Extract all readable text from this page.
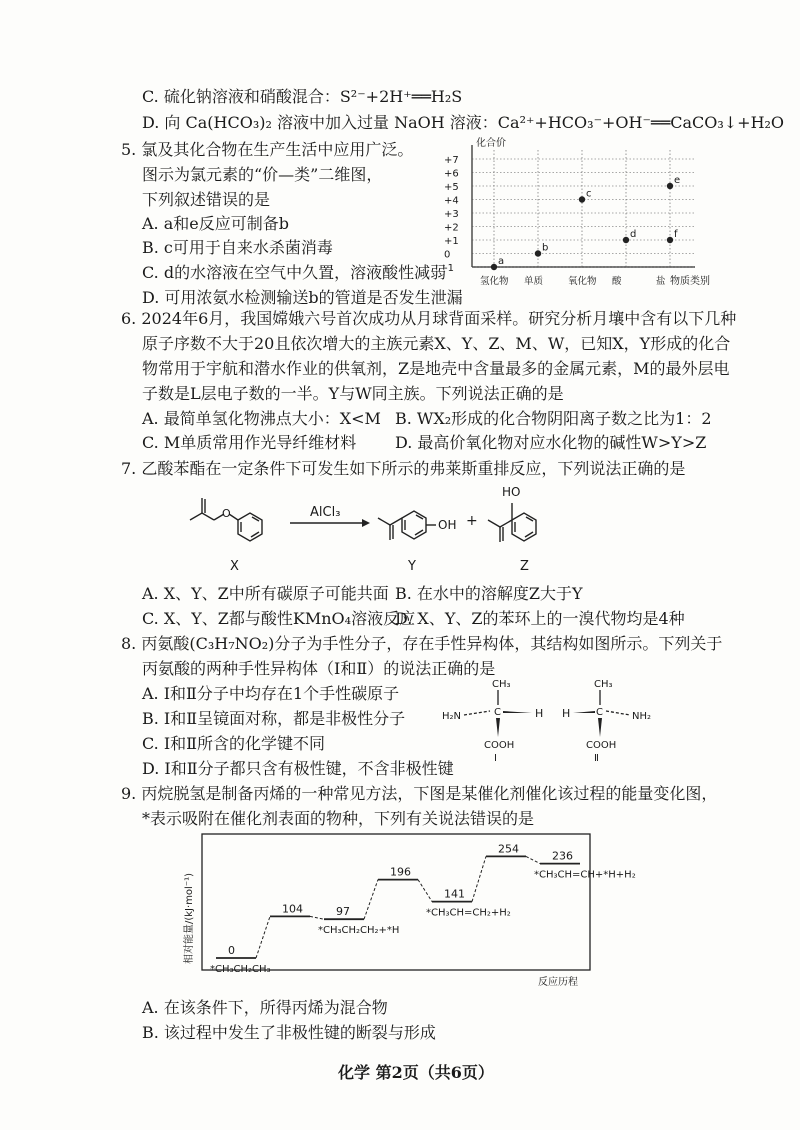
C. 硫化钠溶液和硝酸混合：S²⁻+2H⁺══H₂S
D. 向 Ca(HCO₃)₂ 溶液中加入过量 NaOH 溶液：Ca²⁺+HCO₃⁻+OH⁻══CaCO₃↓+H₂O
5. 氯及其化合物在生产生活中应用广泛。
图示为氯元素的“价—类”二维图，
下列叙述错误的是
A. a和e反应可制备b
B. c可用于自来水杀菌消毒
C. d的水溶液在空气中久置，溶液酸性减弱
D. 可用浓氨水检测输送b的管道是否发生泄漏
化合价
物质类别
+7
+6
+5
+4
+3
+2
+1
0
-1
氢化物 单质	氧化物 酸	盐
a
b
c
d
e
f
6. 2024年6月，我国嫦娥六号首次成功从月球背面采样。研究分析月壤中含有以下几种
原子序数不大于20且依次增大的主族元素X、Y、Z、M、W，已知X，Y形成的化合
物常用于宇航和潜水作业的供氧剂，Z是地壳中含量最多的金属元素，M的最外层电
子数是L层电子数的一半。Y与W同主族。下列说法正确的是
A. 最简单氢化物沸点大小：X<M B. WX₂形成的化合物阴阳离子数之比为1：2
C. M单质常用作光导纤维材料 D. 最高价氧化物对应水化物的碱性W>Y>Z
7. 乙酸苯酯在一定条件下可发生如下所示的弗莱斯重排反应，下列说法正确的是
O
X
AlCl₃
OH +
Y
HO
Z
A. X、Y、Z中所有碳原子可能共面 B. 在水中的溶解度Z大于Y
C. X、Y、Z都与酸性KMnO₄溶液反应
D. X、Y、Z的苯环上的一溴代物均是4种
8. 丙氨酸(C₃H₇NO₂)分子为手性分子，存在手性异构体，其结构如图所示。下列关于
丙氨酸的两种手性异构体（Ⅰ和Ⅱ）的说法正确的是
A. Ⅰ和Ⅱ分子中均存在1个手性碳原子
B. Ⅰ和Ⅱ呈镜面对称，都是非极性分子
C. Ⅰ和Ⅱ所含的化学键不同
D. Ⅰ和Ⅱ分子都只含有极性键，不含非极性键
CH₃
C
H₂N	H
COOH
Ⅰ
CH₃
C
H	NH₂
COOH
Ⅱ
9. 丙烷脱氢是制备丙烯的一种常见方法，下图是某催化剂催化该过程的能量变化图，
*表示吸附在催化剂表面的物种，下列有关说法错误的是
相对能量/(kJ·mol⁻¹)
反应历程
0
*CH₃CH₂CH₃
104	97
*CH₃CH₂CH₂+*H
196
141
*CH₃CH=CH₂+H₂
254
236
*CH₃CH=CH+*H+H₂
A. 在该条件下，所得丙烯为混合物
B. 该过程中发生了非极性键的断裂与形成
化学 第2页（共6页）
